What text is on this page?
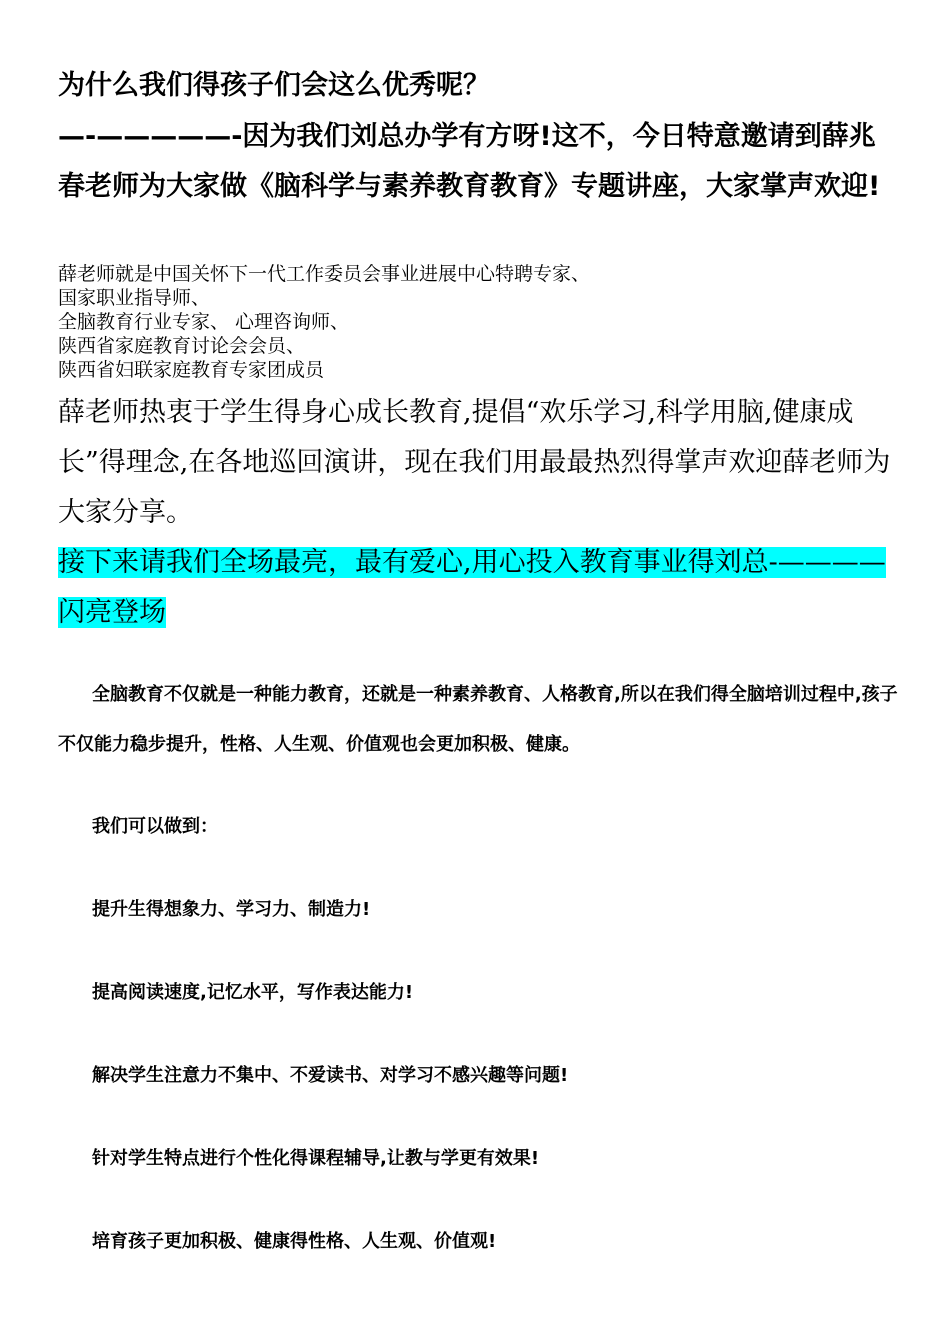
为什么我们得孩子们会这么优秀呢？

—-—————-因为我们刘总办学有方呀!这不，今日特意邀请到薛兆春老师为大家做《脑科学与素养教育教育》专题讲座，大家掌声欢迎!

薛老师就是中国关怀下一代工作委员会事业进展中心特聘专家、
国家职业指导师、
全脑教育行业专家、 心理咨询师、
陕西省家庭教育讨论会会员、
陕西省妇联家庭教育专家团成员

薛老师热衷于学生得身心成长教育,提倡“欢乐学习,科学用脑,健康成长”得理念,在各地巡回演讲，现在我们用最最热烈得掌声欢迎薛老师为大家分享。

接下来请我们全场最亮，最有爱心,用心投入教育事业得刘总-————闪亮登场

全脑教育不仅就是一种能力教育，还就是一种素养教育、人格教育,所以在我们得全脑培训过程中,孩子不仅能力稳步提升，性格、人生观、价值观也会更加积极、健康。

我们可以做到：
提升生得想象力、学习力、制造力!
提高阅读速度,记忆水平，写作表达能力!
解决学生注意力不集中、不爱读书、对学习不感兴趣等问题!
针对学生特点进行个性化得课程辅导,让教与学更有效果!
培育孩子更加积极、健康得性格、人生观、价值观!
